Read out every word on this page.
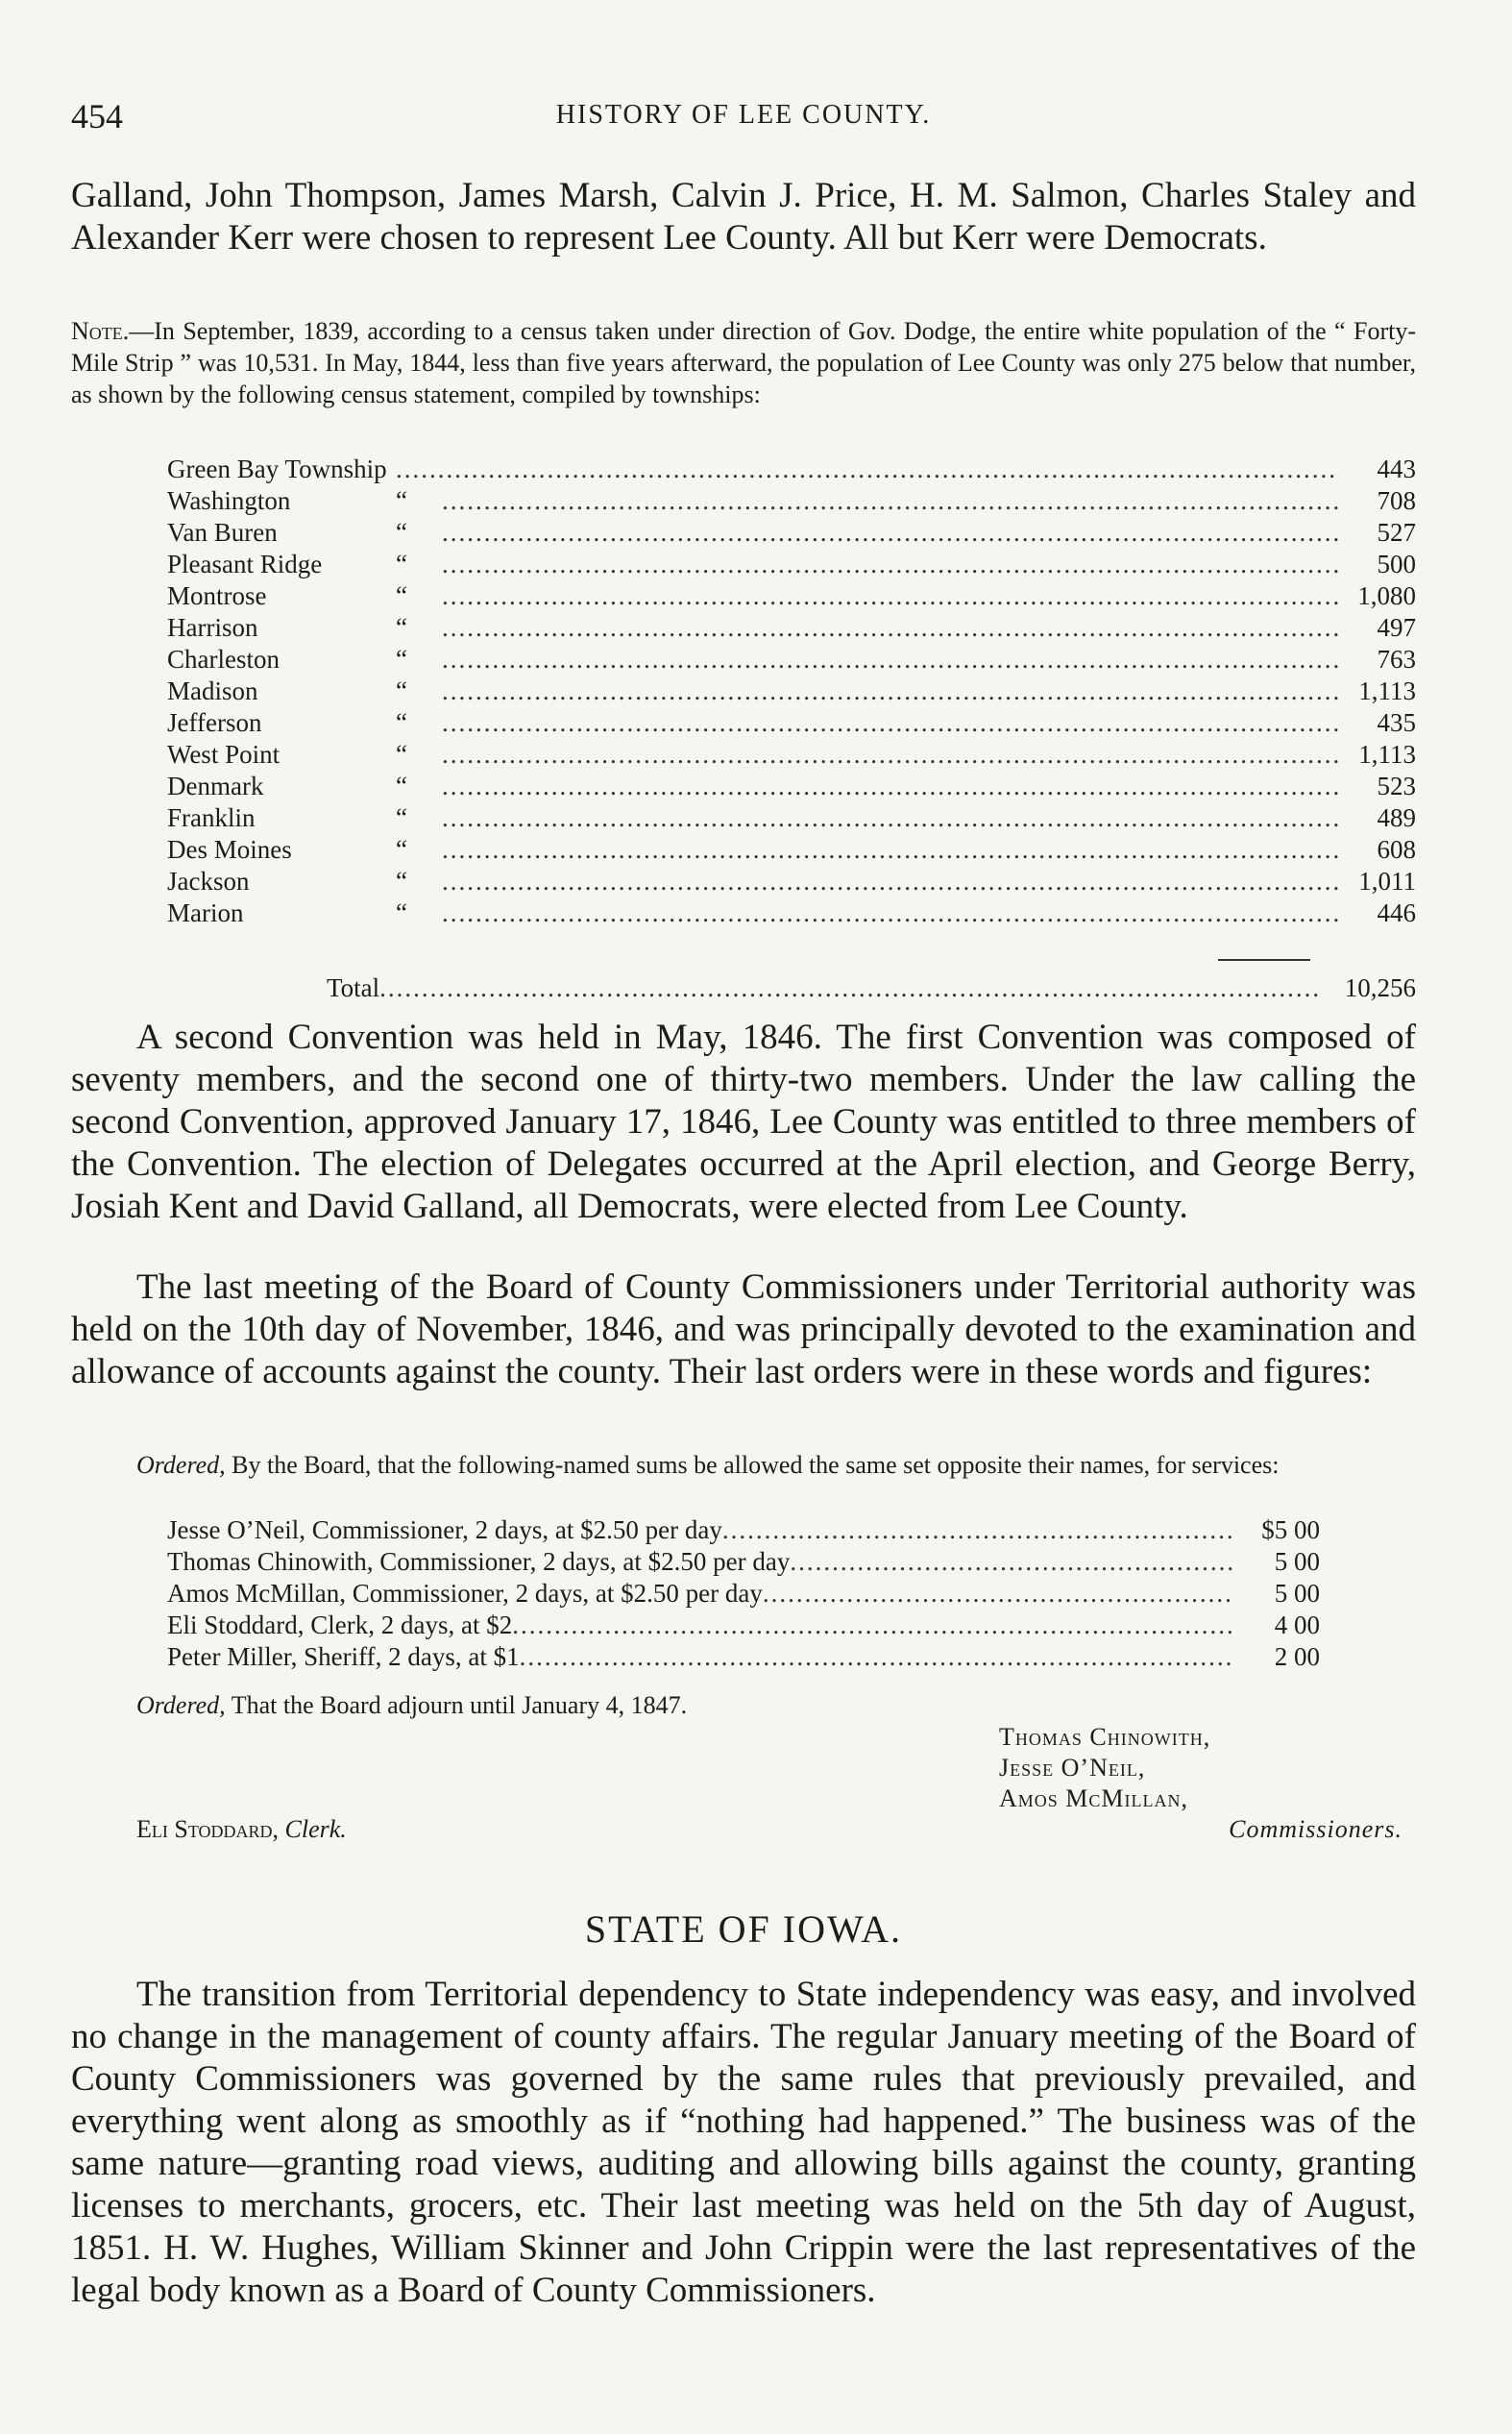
454	HISTORY OF LEE COUNTY.

Galland, John Thompson, James Marsh, Calvin J. Price, H. M. Salmon, Charles Staley and Alexander Kerr were chosen to represent Lee County. All but Kerr were Democrats.

Note.—In September, 1839, according to a census taken under direction of Gov. Dodge, the entire white population of the “ Forty-Mile Strip ” was 10,531. In May, 1844, less than five years afterward, the population of Lee County was only 275 below that number, as shown by the following census statement, compiled by townships:

Green Bay Township .....	443
Washington	“ .....	708
Van Buren	“ .....	527
Pleasant Ridge	“ .....	500
Montrose	“ .....	1,080
Harrison	“ .....	497
Charleston	“ .....	763
Madison	“ .....	1,113
Jefferson	“ .....	435
West Point	“ .....	1,113
Denmark	“ .....	523
Franklin	“ .....	489
Des Moines	“ .....	608
Jackson	“ .....	1,011
Marion	“ .....	446
Total .....	10,256

A second Convention was held in May, 1846. The first Convention was composed of seventy members, and the second one of thirty-two members. Under the law calling the second Convention, approved January 17, 1846, Lee County was entitled to three members of the Convention. The election of Delegates occurred at the April election, and George Berry, Josiah Kent and David Galland, all Democrats, were elected from Lee County.

The last meeting of the Board of County Commissioners under Territorial authority was held on the 10th day of November, 1846, and was principally devoted to the examination and allowance of accounts against the county. Their last orders were in these words and figures:

Ordered, By the Board, that the following-named sums be allowed the same set opposite their names, for services:

Jesse O’Neil, Commissioner, 2 days, at $2.50 per day .....	$5 00
Thomas Chinowith, Commissioner, 2 days, at $2.50 per day .....	5 00
Amos McMillan, Commissioner, 2 days, at $2.50 per day .....	5 00
Eli Stoddard, Clerk, 2 days, at $2 .....	4 00
Peter Miller, Sheriff, 2 days, at $1 .....	2 00

Ordered, That the Board adjourn until January 4, 1847.

Thomas Chinowith,
Jesse O’Neil,
Amos McMillan,
Commissioners.
Eli Stoddard, Clerk.
STATE OF IOWA.

The transition from Territorial dependency to State independency was easy, and involved no change in the management of county affairs. The regular January meeting of the Board of County Commissioners was governed by the same rules that previously prevailed, and everything went along as smoothly as if “nothing had happened.” The business was of the same nature—granting road views, auditing and allowing bills against the county, granting licenses to merchants, grocers, etc. Their last meeting was held on the 5th day of August, 1851. H. W. Hughes, William Skinner and John Crippin were the last representatives of the legal body known as a Board of County Commissioners.
